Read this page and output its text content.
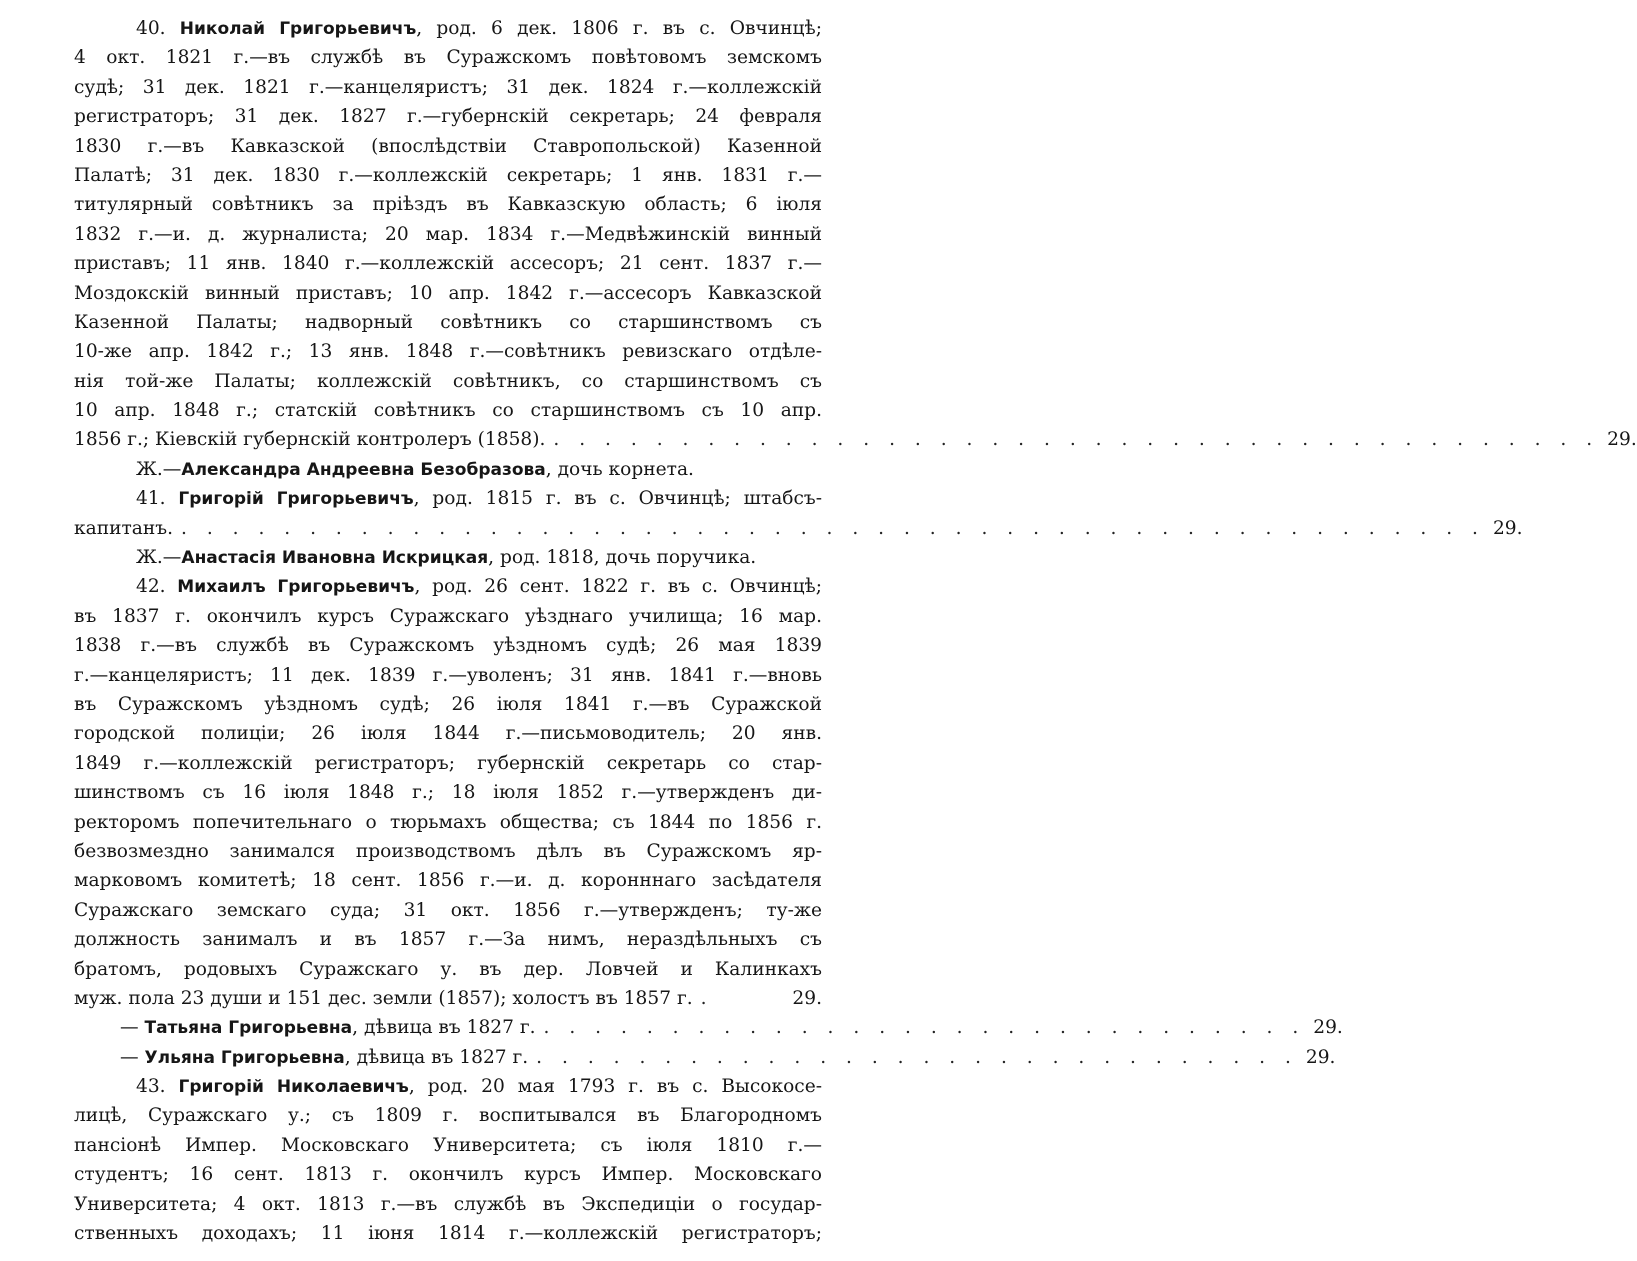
40. Николай Григорьевичъ, род. 6 дек. 1806 г. въ с. Овчинцѣ;
4 окт. 1821 г.—въ службѣ въ Суражскомъ повѣтовомъ земскомъ
судѣ; 31 дек. 1821 г.—канцеляристъ; 31 дек. 1824 г.—коллежскій
регистраторъ; 31 дек. 1827 г.—губернскій секретарь; 24 февраля
1830 г.—въ Кавказской (впослѣдствіи Ставропольской) Казенной
Палатѣ; 31 дек. 1830 г.—коллежскій секретарь; 1 янв. 1831 г.—
титулярный совѣтникъ за пріѣздъ въ Кавказскую область; 6 іюля
1832 г.—и. д. журналиста; 20 мар. 1834 г.—Медвѣжинскій винный
приставъ; 11 янв. 1840 г.—коллежскій ассесоръ; 21 сент. 1837 г.—
Моздокскій винный приставъ; 10 апр. 1842 г.—ассесоръ Кавказской
Казенной Палаты; надворный совѣтникъ со старшинствомъ съ
10-же апр. 1842 г.; 13 янв. 1848 г.—совѣтникъ ревизскаго отдѣле-
нія той-же Палаты; коллежскій совѣтникъ, со старшинствомъ съ
10 апр. 1848 г.; статскій совѣтникъ со старшинствомъ съ 10 апр.
1856 г.; Кіевскій губернскій контролеръ (1858). . . . . . . . . . . . . . . . . . . . . . . . . . . . . . . . . . . . . . . . . . 29.
Ж.—Александра Андреевна Безобразова, дочь корнета.
41. Григорій Григорьевичъ, род. 1815 г. въ с. Овчинцѣ; штабсъ-
капитанъ. . . . . . . . . . . . . . . . . . . . . . . . . . . . . . . . . . . . . . . . . . . . . . . . . . . . 29.
Ж.—Анастасія Ивановна Искрицкая, род. 1818, дочь поручика.
42. Михаилъ Григорьевичъ, род. 26 сент. 1822 г. въ с. Овчинцѣ;
въ 1837 г. окончилъ курсъ Суражскаго уѣзднаго училища; 16 мар.
1838 г.—въ службѣ въ Суражскомъ уѣздномъ судѣ; 26 мая 1839
г.—канцеляристъ; 11 дек. 1839 г.—уволенъ; 31 янв. 1841 г.—вновь
въ Суражскомъ уѣздномъ судѣ; 26 іюля 1841 г.—въ Суражской
городской полиціи; 26 іюля 1844 г.—письмоводитель; 20 янв.
1849 г.—коллежскій регистраторъ; губернскій секретарь со стар-
шинствомъ съ 16 іюля 1848 г.; 18 іюля 1852 г.—утвержденъ ди-
ректоромъ попечительнаго о тюрьмахъ общества; съ 1844 по 1856 г.
безвозмездно занимался производствомъ дѣлъ въ Суражскомъ яр-
марковомъ комитетѣ; 18 сент. 1856 г.—и. д. коронннаго засѣдателя
Суражскаго земскаго суда; 31 окт. 1856 г.—утвержденъ; ту-же
должность занималъ и въ 1857 г.—За нимъ, нераздѣльныхъ съ
братомъ, родовыхъ Суражскаго у. въ дер. Ловчей и Калинкахъ
муж. пола 23 души и 151 дес. земли (1857); холостъ въ 1857 г. .	29.
— Татьяна Григорьевна, дѣвица въ 1827 г. . . . . . . . . . . . . . . . . . . . . . . . . . . . . . . 29.
— Ульяна Григорьевна, дѣвица въ 1827 г. . . . . . . . . . . . . . . . . . . . . . . . . . . . . . . 29.
43. Григорій Николаевичъ, род. 20 мая 1793 г. въ с. Высокосе-
лицѣ, Суражскаго у.; съ 1809 г. воспитывался въ Благородномъ
пансіонѣ Импер. Московскаго Университета; съ іюля 1810 г.—
студентъ; 16 сент. 1813 г. окончилъ курсъ Импер. Московскаго
Университета; 4 окт. 1813 г.—въ службѣ въ Экспедиціи о государ-
ственныхъ доходахъ; 11 іюня 1814 г.—коллежскій регистраторъ;
